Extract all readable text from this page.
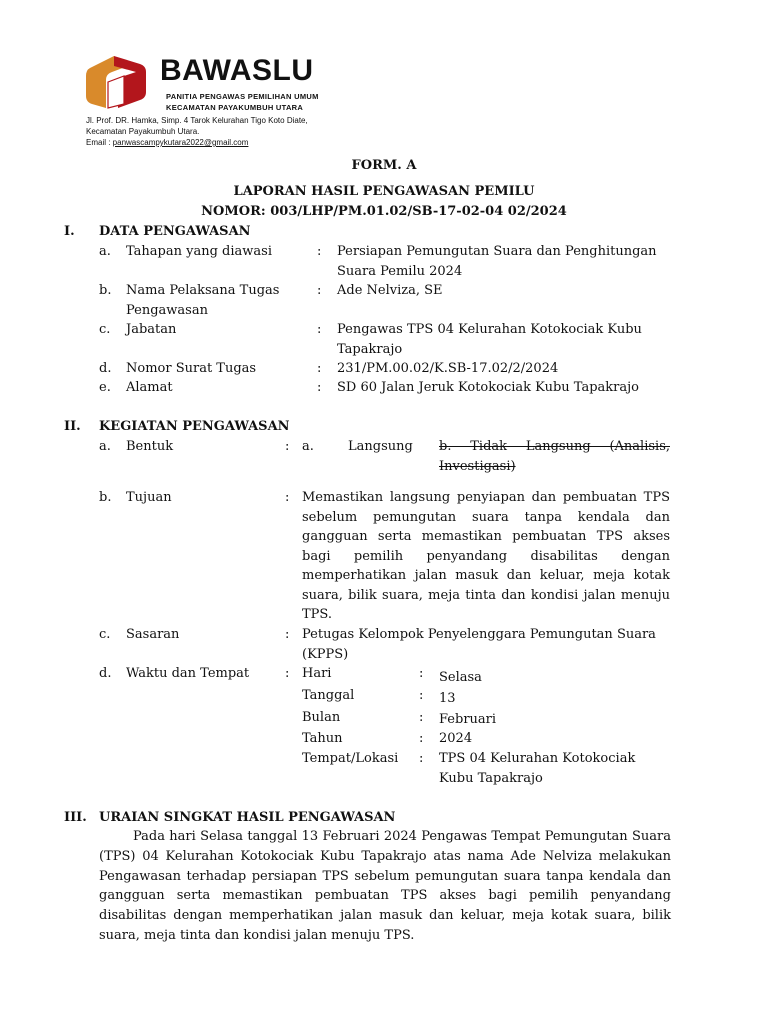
BAWASLU
PANITIA PENGAWAS PEMILIHAN UMUM
KECAMATAN PAYAKUMBUH UTARA
Jl. Prof. DR. Hamka, Simp. 4 Tarok Kelurahan Tigo Koto Diate,
Kecamatan Payakumbuh Utara.
Email : panwascampykutara2022@gmail.com
FORM. A
LAPORAN HASIL PENGAWASAN PEMILU
NOMOR: 003/LHP/PM.01.02/SB-17-02-04 02/2024
I. DATA PENGAWASAN
a. Tahapan yang diawasi	: Persiapan Pemungutan Suara dan Penghitungan Suara Pemilu 2024
b. Nama Pelaksana Tugas Pengawasan
: Ade Nelviza, SE
c. Jabatan	: Pengawas TPS 04 Kelurahan Kotokociak Kubu Tapakrajo
d. Nomor Surat Tugas	: 231/PM.00.02/K.SB-17.02/2/2024
e. Alamat	: SD 60 Jalan Jeruk Kotokociak Kubu Tapakrajo
II. KEGIATAN PENGAWASAN
a. Bentuk	: a.	Langsung b. Tidak Langsung (Analisis, Investigasi)
b. Tujuan	: Memastikan langsung penyiapan dan pembuatan TPS sebelum pemungutan suara tanpa kendala dan gangguan serta memastikan pembuatan TPS akses bagi pemilih penyandang disabilitas dengan memperhatikan jalan masuk dan keluar, meja kotak suara, bilik suara, meja tinta dan kondisi jalan menuju TPS.
c. Sasaran	: Petugas Kelompok Penyelenggara Pemungutan Suara (KPPS)
d. Waktu dan Tempat	: Hari	: Selasa
Tanggal	: 13
Bulan	: Februari
Tahun	: 2024
Tempat/Lokasi : TPS 04 Kelurahan Kotokociak Kubu Tapakrajo
III. URAIAN SINGKAT HASIL PENGAWASAN
Pada hari Selasa tanggal 13 Februari 2024 Pengawas Tempat Pemungutan Suara (TPS) 04 Kelurahan Kotokociak Kubu Tapakrajo atas nama Ade Nelviza melakukan Pengawasan terhadap persiapan TPS sebelum pemungutan suara tanpa kendala dan gangguan serta memastikan pembuatan TPS akses bagi pemilih penyandang disabilitas dengan memperhatikan jalan masuk dan keluar, meja kotak suara, bilik suara, meja tinta dan kondisi jalan menuju TPS.
